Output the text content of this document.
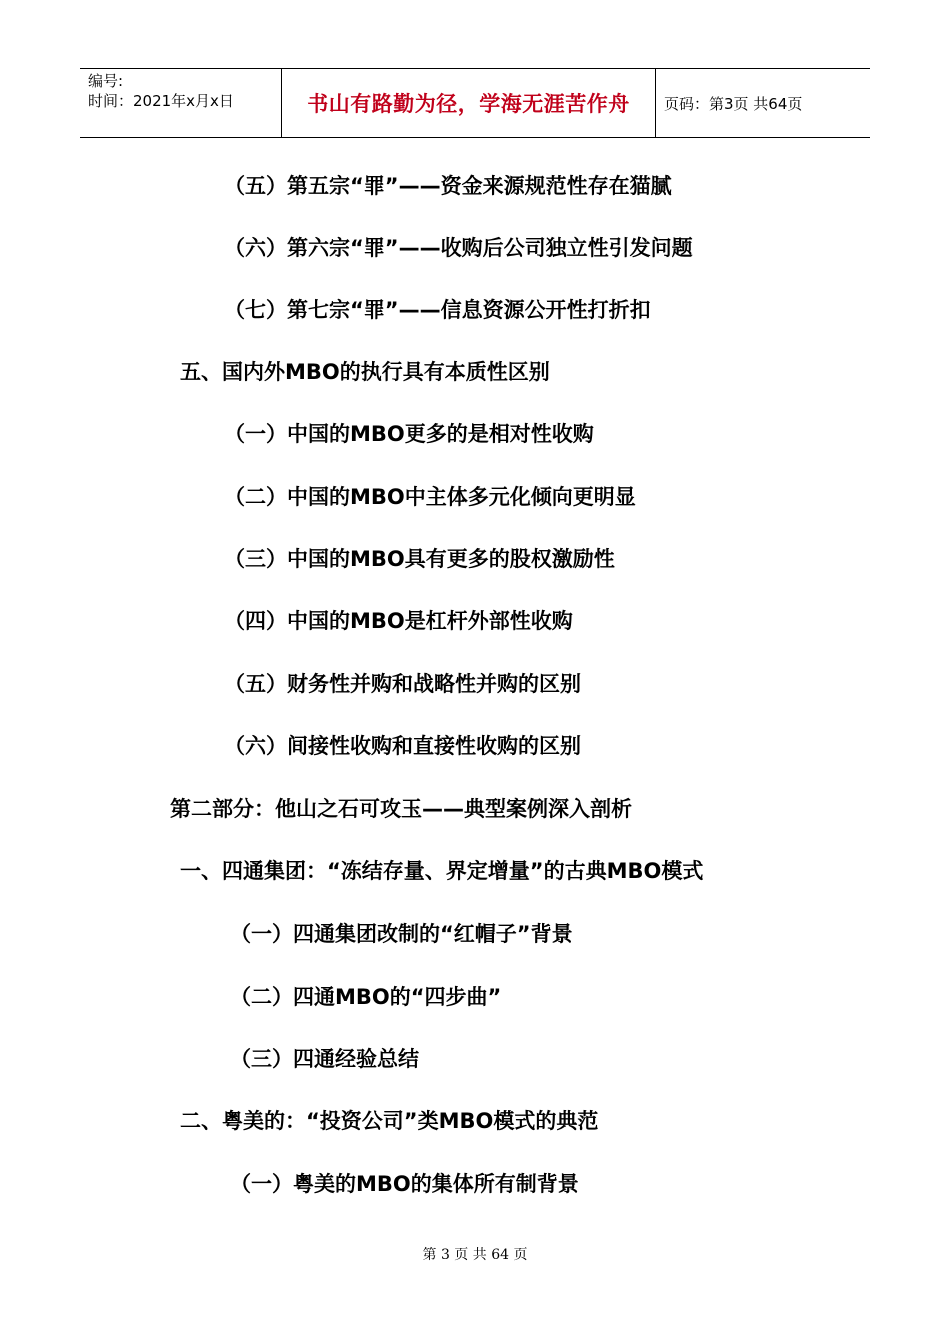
编号:
时间：2021年x月x日	书山有路勤为径，学海无涯苦作舟 页码：第3页 共64页
（五）第五宗“罪”——资金来源规范性存在猫腻
（六）第六宗“罪”——收购后公司独立性引发问题
（七）第七宗“罪”——信息资源公开性打折扣
五、国内外MBO的执行具有本质性区别
（一）中国的MBO更多的是相对性收购
（二）中国的MBO中主体多元化倾向更明显
（三）中国的MBO具有更多的股权激励性
（四）中国的MBO是杠杆外部性收购
（五）财务性并购和战略性并购的区别
（六）间接性收购和直接性收购的区别
第二部分：他山之石可攻玉——典型案例深入剖析
一、四通集团：“冻结存量、界定增量”的古典MBO模式
（一）四通集团改制的“红帽子”背景
（二）四通MBO的“四步曲”
（三）四通经验总结
二、粤美的：“投资公司”类MBO模式的典范
（一）粤美的MBO的集体所有制背景
第 3 页 共 64 页
